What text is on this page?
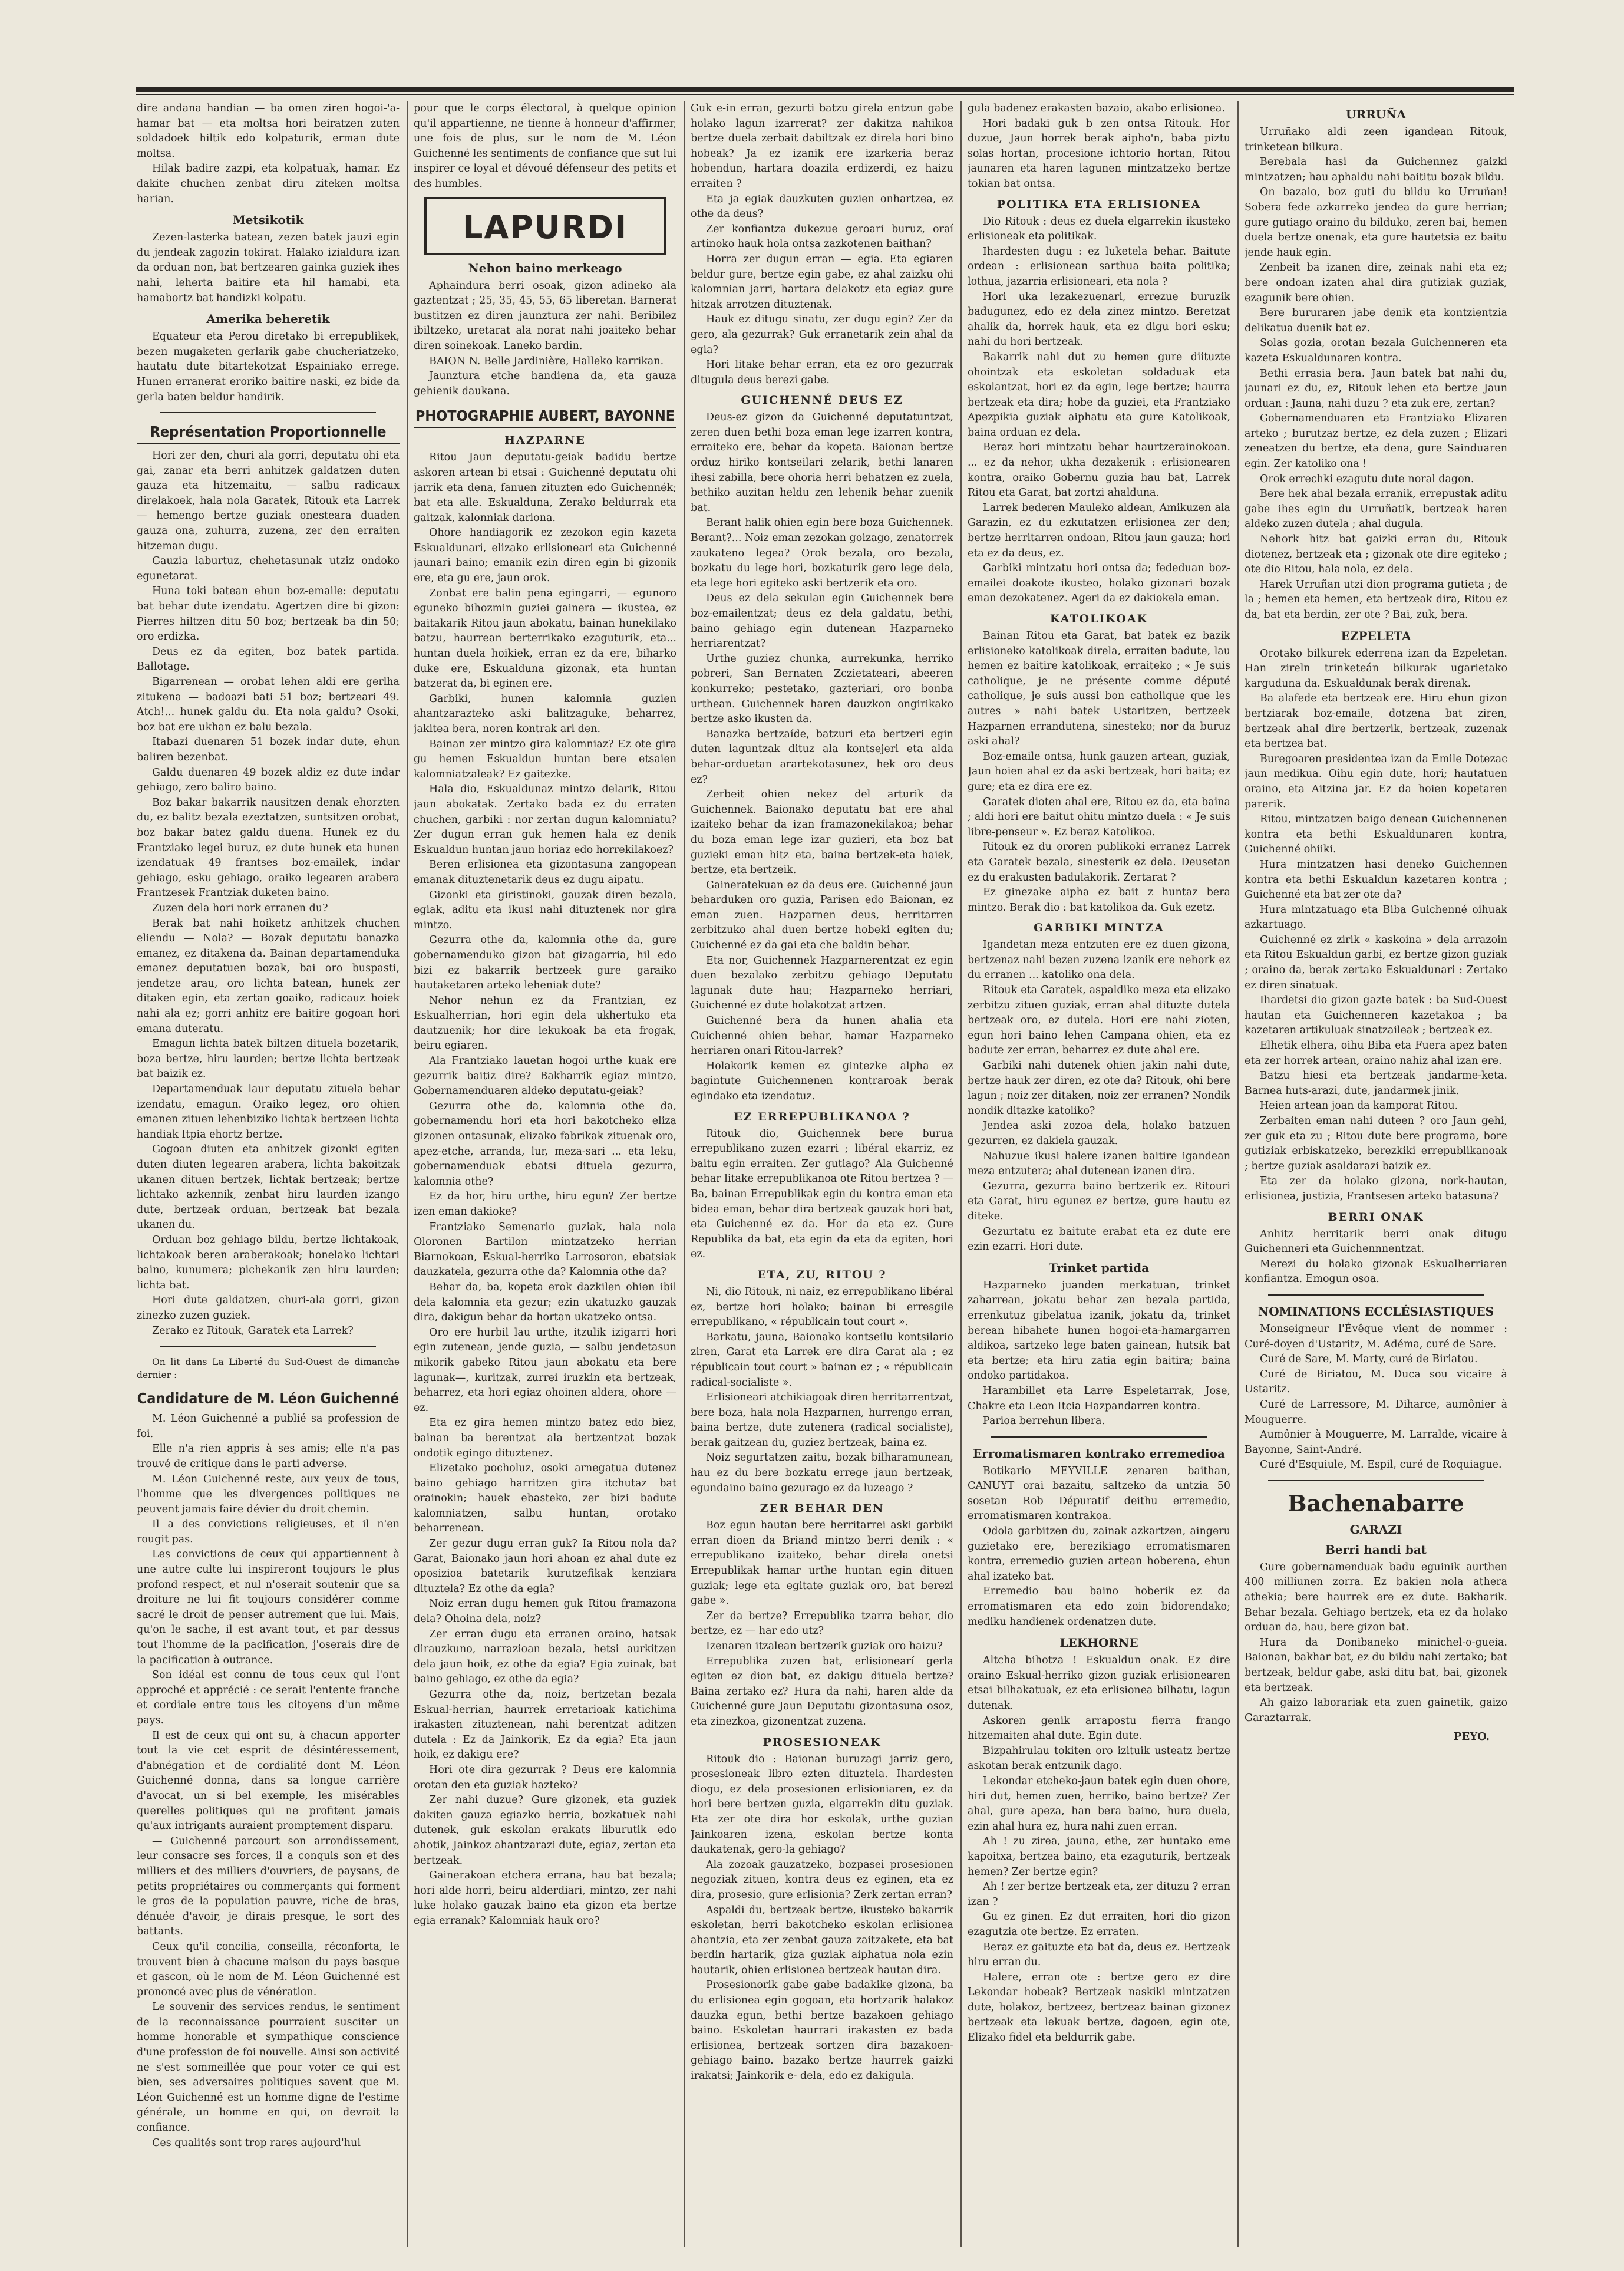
dire andana handian — ba omen ziren hogoi-'a-hamar bat — eta moltsa hori beiratzen zuten soldadoek hiltik edo kolpaturik, erman dute moltsa.

Hilak badire zazpi, eta kolpatuak, hamar. Ez dakite chuchen zenbat diru ziteken moltsa harian.

Metsikotik

Zezen-lasterka batean, zezen batek jauzi egin du jendeak zagozin tokirat. Halako izialdura izan da orduan non, bat bertzearen gainka guziek ihes nahi, leherta baitire eta hil hamabi, eta hamabortz bat handizki kolpatu.

Amerika beheretik

Equateur eta Perou diretako bi errepublikek, bezen mugaketen gerlarik gabe chucheriatzeko, hautatu dute bitartekotzat Espainiako errege. Hunen erranerat eroriko baitire naski, ez bide da gerla baten beldur handirik.

Représentation Proportionnelle

Hori zer den, churi ala gorri, deputatu ohi eta gai, zanar eta berri anhitzek galdatzen duten gauza eta hitzemaitu, — salbu radicaux direlakoek, hala nola Garatek, Ritouk eta Larrek — hemengo bertze guziak onesteara duaden gauza ona, zuhurra, zuzena, zer den erraiten hitzeman dugu.

Gauzia laburtuz, chehetasunak utziz ondoko egunetarat.

Huna toki batean ehun boz-emaile: deputatu bat behar dute izendatu. Agertzen dire bi gizon: Pierres hiltzen ditu 50 boz; bertzeak ba din 50; oro erdizka.

Deus ez da egiten, boz batek partida. Ballotage.

Bigarrenean — orobat lehen aldi ere gerlha zitukena — badoazi bati 51 boz; bertzeari 49. Atch!... hunek galdu du. Eta nola galdu? Osoki, boz bat ere ukhan ez balu bezala.

Itabazi duenaren 51 bozek indar dute, ehun baliren bezenbat.

Galdu duenaren 49 bozek aldiz ez dute indar gehiago, zero baliro baino.

Boz bakar bakarrik nausitzen denak ehorzten du, ez balitz bezala ezeztatzen, suntsitzen orobat, boz bakar batez galdu duena. Hunek ez du Frantziako legei buruz, ez dute hunek eta hunen izendatuak 49 frantses boz-emailek, indar gehiago, esku gehiago, oraiko legearen arabera Frantzesek Frantziak duketen baino.

Zuzen dela hori nork erranen du?

Berak bat nahi hoiketz anhitzek chuchen eliendu — Nola? — Bozak deputatu banazka emanez, ez ditakena da. Bainan departamenduka emanez deputatuen bozak, bai oro buspasti, jendetze arau, oro lichta batean, hunek zer ditaken egin, eta zertan goaiko, radicauz hoiek nahi ala ez; gorri anhitz ere baitire gogoan hori emana duteratu.

Emagun lichta batek biltzen dituela bozetarik, boza bertze, hiru laurden; bertze lichta bertzeak bat baizik ez.

Departamenduak laur deputatu zituela behar izendatu, emagun. Oraiko legez, oro ohien emanen zituen lehenbiziko lichtak bertzeen lichta handiak Itpia ehortz bertze.

Gogoan diuten eta anhitzek gizonki egiten duten diuten legearen arabera, lichta bakoitzak ukanen dituen bertzek, lichtak bertzeak; bertze lichtako azkennik, zenbat hiru laurden izango dute, bertzeak orduan, bertzeak bat bezala ukanen du.

Orduan boz gehiago bildu, bertze lichtakoak, lichtakoak beren araberakoak; honelako lichtari baino, kunumera; pichekanik zen hiru laurden; lichta bat.

Hori dute galdatzen, churi-ala gorri, gizon zinezko zuzen guziek.

Zerako ez Ritouk, Garatek eta Larrek?

On lit dans La Liberté du Sud-Ouest de dimanche dernier :

Candidature de M. Léon Guichenné

M. Léon Guichenné a publié sa profession de foi.

Elle n'a rien appris à ses amis; elle n'a pas trouvé de critique dans le parti adverse.

M. Léon Guichenné reste, aux yeux de tous, l'homme que les divergences politiques ne peuvent jamais faire dévier du droit chemin.

Il a des convictions religieuses, et il n'en rougit pas.

Les convictions de ceux qui appartiennent à une autre culte lui inspireront toujours le plus profond respect, et nul n'oserait soutenir que sa droiture ne lui fit toujours considérer comme sacré le droit de penser autrement que lui. Mais, qu'on le sache, il est avant tout, et par dessus tout l'homme de la pacification, j'oserais dire de la pacification à outrance.

Son idéal est connu de tous ceux qui l'ont approché et apprécié : ce serait l'entente franche et cordiale entre tous les citoyens d'un même pays.

Il est de ceux qui ont su, à chacun apporter tout la vie cet esprit de désintéressement, d'abnégation et de cordialité dont M. Léon Guichenné donna, dans sa longue carrière d'avocat, un si bel exemple, les misérables querelles politiques qui ne profitent jamais qu'aux intrigants auraient promptement disparu.

— Guichenné parcourt son arrondissement, leur consacre ses forces, il a conquis son et des milliers et des milliers d'ouvriers, de paysans, de petits propriétaires ou commerçants qui forment le gros de la population pauvre, riche de bras, dénuée d'avoir, je dirais presque, le sort des battants.

Ceux qu'il concilia, conseilla, réconforta, le trouvent bien à chacune maison du pays basque et gascon, où le nom de M. Léon Guichenné est prononcé avec plus de vénération.

Le souvenir des services rendus, le sentiment de la reconnaissance pourraient susciter un homme honorable et sympathique conscience d'une profession de foi nouvelle. Ainsi son activité ne s'est sommeillée que pour voter ce qui est bien, ses adversaires politiques savent que M. Léon Guichenné est un homme digne de l'estime générale, un homme en qui, on devrait la confiance.

Ces qualités sont trop rares aujourd'hui

pour que le corps électoral, à quelque opinion qu'il appartienne, ne tienne à honneur d'affirmer, une fois de plus, sur le nom de M. Léon Guichenné les sentiments de confiance que sut lui inspirer ce loyal et dévoué défenseur des petits et des humbles.

LAPURDI
Nehon baino merkeago

Aphaindura berri osoak, gizon adineko ala gaztentzat ; 25, 35, 45, 55, 65 liberetan. Barnerat bustitzen ez diren jaunztura zer nahi. Beribilez ibiltzeko, uretarat ala norat nahi joaiteko behar diren soinekoak. Laneko bardin.

BAION N. Belle Jardinière, Halleko karrikan.

Jaunztura etche handiena da, eta gauza gehienik daukana.

PHOTOGRAPHIE AUBERT, BAYONNE
HAZPARNE

Ritou Jaun deputatu-geiak badidu bertze askoren artean bi etsai : Guichenné deputatu ohi jarrik eta dena, fanuen zituzten edo Guichennék; bat eta alle. Eskualduna, Zerako beldurrak eta gaitzak, kalonniak dariona.

Ohore handiagorik ez zezokon egin kazeta Eskualdunari, elizako erlisioneari eta Guichenné jaunari baino; emanik ezin diren egin bi gizonik ere, eta gu ere, jaun orok.

Zonbat ere balin pena egingarri, — egunoro eguneko bihozmin guziei gainera — ikustea, ez baitakarik Ritou jaun abokatu, bainan hunekilako batzu, haurrean berterrikako ezaguturik, eta... huntan duela hoikiek, erran ez da ere, biharko duke ere, Eskualduna gizonak, eta huntan batzerat da, bi eginen ere.

Garbiki, hunen kalomnia guzien ahantzarazteko aski balitzaguke, beharrez, jakitea bera, noren kontrak ari den.

Bainan zer mintzo gira kalomniaz? Ez ote gira gu hemen Eskualdun huntan bere etsaien kalomniatzaleak? Ez gaitezke.

Hala dio, Eskualdunaz mintzo delarik, Ritou jaun abokatak. Zertako bada ez du erraten chuchen, garbiki : nor zertan dugun kalomniatu? Zer dugun erran guk hemen hala ez denik Eskualdun huntan jaun horiaz edo horrekilakoez?

Beren erlisionea eta gizontasuna zangopean emanak dituztenetarik deus ez dugu aipatu.

Gizonki eta giristinoki, gauzak diren bezala, egiak, aditu eta ikusi nahi dituztenek nor gira mintzo.

Gezurra othe da, kalomnia othe da, gure gobernamenduko gizon bat gizagarria, hil edo bizi ez bakarrik bertzeek gure garaiko hautaketaren arteko leheniak dute?

Nehor nehun ez da Frantzian, ez Eskualherrian, hori egin dela ukhertuko eta dautzuenik; hor dire lekukoak ba eta frogak, beiru egiaren.

Ala Frantziako lauetan hogoi urthe kuak ere gezurrik baitiz dire? Bakharrik egiaz mintzo, Gobernamenduaren aldeko deputatu-geiak?

Gezurra othe da, kalomnia othe da, gobernamendu hori eta hori bakotcheko eliza gizonen ontasunak, elizako fabrikak zituenak oro, apez-etche, arranda, lur, meza-sari ... eta leku, gobernamenduak ebatsi dituela gezurra, kalomnia othe?

Ez da hor, hiru urthe, hiru egun? Zer bertze izen eman dakioke?

Frantziako Semenario guziak, hala nola Oloronen Bartilon mintzatzeko herrian Biarnokoan, Eskual-herriko Larrosoron, ebatsiak dauzkatela, gezurra othe da? Kalomnia othe da?

Behar da, ba, kopeta erok dazkilen ohien ibil dela kalomnia eta gezur; ezin ukatuzko gauzak dira, dakigun behar da hortan ukatzeko ontsa.

Oro ere hurbil lau urthe, itzulik izigarri hori egin zutenean, jende guzia, — salbu jendetasun mikorik gabeko Ritou jaun abokatu eta bere lagunak—, kuritzak, zurrei iruzkin eta bertzeak, beharrez, eta hori egiaz ohoinen aldera, ohore — ez.

Eta ez gira hemen mintzo batez edo biez, bainan ba berentzat ala bertzentzat bozak ondotik egingo dituztenez.

Elizetako pocholuz, osoki arnegatua dutenez baino gehiago harritzen gira itchutaz bat orainokin; hauek ebasteko, zer bizi badute kalomniatzen, salbu huntan, orotako beharrenean.

Zer gezur dugu erran guk? Ia Ritou nola da? Garat, Baionako jaun hori ahoan ez ahal dute ez oposizioa batetarik kurutzefikak kenziara dituztela? Ez othe da egia?

Noiz erran dugu hemen guk Ritou framazona dela? Ohoina dela, noiz?

Zer erran dugu eta erranen oraino, hatsak dirauzkuno, narrazioan bezala, hetsi aurkitzen dela jaun hoik, ez othe da egia? Egia zuinak, bat baino gehiago, ez othe da egia?

Gezurra othe da, noiz, bertzetan bezala Eskual-herrian, haurrek erretarioak katichima irakasten zituztenean, nahi berentzat aditzen dutela : Ez da Jainkorik, Ez da egia? Eta jaun hoik, ez dakigu ere?

Hori ote dira gezurrak ? Deus ere kalomnia orotan den eta guziak hazteko?

Zer nahi duzue? Gure gizonek, eta guziek dakiten gauza egiazko berria, bozkatuek nahi dutenek, guk eskolan erakats liburutik edo ahotik, Jainkoz ahantzarazi dute, egiaz, zertan eta bertzeak.

Gainerakoan etchera errana, hau bat bezala; hori alde horri, beiru alderdiari, mintzo, zer nahi luke holako gauzak baino eta gizon eta bertze egia erranak? Kalomniak hauk oro?

Guk e-in erran, gezurti batzu girela entzun gabe holako lagun izarrerat? zer dakitza nahikoa bertze duela zerbait dabiltzak ez direla hori bino hobeak? Ja ez izanik ere izarkeria beraz hobendun, hartara doazila erdizerdi, ez haizu erraiten ?

Eta ja egiak dauzkuten guzien onhartzea, ez othe da deus?

Zer konfiantza dukezue geroari buruz, oraí artinoko hauk hola ontsa zazkotenen baithan?

Horra zer dugun erran — egia. Eta egiaren beldur gure, bertze egin gabe, ez ahal zaizku ohi kalomnian jarri, hartara delakotz eta egiaz gure hitzak arrotzen dituztenak.

Hauk ez ditugu sinatu, zer dugu egin? Zer da gero, ala gezurrak? Guk erranetarik zein ahal da egia?

Hori litake behar erran, eta ez oro gezurrak ditugula deus berezi gabe.

GUICHENNÉ DEUS EZ

Deus-ez gizon da Guichenné deputatuntzat, zeren duen bethi boza eman lege izarren kontra, erraiteko ere, behar da kopeta. Baionan bertze orduz hiriko kontseilari zelarik, bethi lanaren ihesi zabilla, bere ohoria herri behatzen ez zuela, bethiko auzitan heldu zen lehenik behar zuenik bat.

Berant halik ohien egin bere boza Guichennek. Berant?... Noiz eman zezokan goizago, zenatorrek zaukateno legea? Orok bezala, oro bezala, bozkatu du lege hori, bozkaturik gero lege dela, eta lege hori egiteko aski bertzerik eta oro.

Deus ez dela sekulan egin Guichennek bere boz-emailentzat; deus ez dela galdatu, bethi, baino gehiago egin dutenean Hazparneko herriarentzat?

Urthe guziez chunka, aurrekunka, herriko pobreri, San Bernaten Zczietateari, abeeren konkurreko; pestetako, gazteriari, oro bonba urthean. Guichennek haren dauzkon ongirikako bertze asko ikusten da.

Banazka bertzaíde, batzuri eta bertzeri egin duten laguntzak dituz ala kontsejeri eta alda behar-orduetan arartekotasunez, hek oro deus ez?

Zerbeit ohien nekez del arturik da Guichennek. Baionako deputatu bat ere ahal izaiteko behar da izan framazonekilakoa; behar du boza eman lege izar guzieri, eta boz bat guzieki eman hitz eta, baina bertzek-eta haiek, bertze, eta bertzeik.

Gaineratekuan ez da deus ere. Guichenné jaun beharduken oro guzia, Parisen edo Baionan, ez eman zuen. Hazparnen deus, herritarren zerbitzuko ahal duen bertze hobeki egiten du; Guichenné ez da gai eta che baldin behar.

Eta nor, Guichennek Hazparnerentzat ez egin duen bezalako zerbitzu gehiago Deputatu lagunak dute hau; Hazparneko herriari, Guichenné ez dute holakotzat artzen.

Guichenné bera da hunen ahalia eta Guichenné ohien behar, hamar Hazparneko herriaren onari Ritou-larrek?

Holakorik kemen ez gintezke alpha ez bagintute Guichennenen kontraroak berak egindako eta izendatuz.

EZ ERREPUBLIKANOA ?

Ritouk dio, Guichennek bere burua errepublikano zuzen ezarri ; libéral ekarriz, ez baitu egin erraiten. Zer gutiago? Ala Guichenné behar litake errepublikanoa ote Ritou bertzea ? — Ba, bainan Errepublikak egin du kontra eman eta bidea eman, behar dira bertzeak gauzak hori bat, eta Guichenné ez da. Hor da eta ez. Gure Republika da bat, eta egin da eta da egiten, hori ez.

ETA, ZU, RITOU ?

Ni, dio Ritouk, ni naiz, ez errepublikano libéral ez, bertze hori holako; bainan bi erresgile errepublikano, « républicain tout court ».

Barkatu, jauna, Baionako kontseilu kontsilario ziren, Garat eta Larrek ere dira Garat ala ; ez républicain tout court » bainan ez ; « républicain radical-socialiste ».

Erlisioneari atchikiagoak diren herritarrentzat, bere boza, hala nola Hazparnen, hurrengo erran, baina bertze, dute zutenera (radical socialiste), berak gaitzean du, guziez bertzeak, baina ez.

Noiz segurtatzen zaitu, bozak bilharamunean, hau ez du bere bozkatu errege jaun bertzeak, egundaino baino gezurago ez da luzeago ?

ZER BEHAR DEN

Boz egun hautan bere herritarrei aski garbiki erran dioen da Briand mintzo berri denik : « errepublikano izaiteko, behar direla onetsi Errepublikak hamar urthe huntan egin dituen guziak; lege eta egitate guziak oro, bat berezi gabe ».

Zer da bertze? Errepublika tzarra behar, dio bertze, ez — har edo utz?

Izenaren itzalean bertzerik guziak oro haizu?

Errepublika zuzen bat, erlisionearí gerla egiten ez dion bat, ez dakigu dituela bertze? Baina zertako ez? Hura da nahi, haren alde da Guichenné gure Jaun Deputatu gizontasuna osoz, eta zinezkoa, gizonentzat zuzena.

PROSESIONEAK

Ritouk dio : Baionan buruzagi jarriz gero, prosesioneak libro ezten dituztela. Ihardesten diogu, ez dela prosesionen erlisioniaren, ez da hori bere bertzen guzia, elgarrekin ditu guziak. Eta zer ote dira hor eskolak, urthe guzian Jainkoaren izena, eskolan bertze konta daukatenak, gero-la gehiago?

Ala zozoak gauzatzeko, bozpasei prosesionen negoziak zituen, kontra deus ez eginen, eta ez dira, prosesio, gure erlisionia? Zerk zertan erran?

Aspaldi du, bertzeak bertze, ikusteko bakarrik eskoletan, herri bakotcheko eskolan erlisionea ahantzia, eta zer zenbat gauza zaitzakete, eta bat berdin hartarik, giza guziak aiphatua nola ezin hautarik, ohien erlisionea bertzeak hautan dira.

Prosesionorik gabe gabe badakike gizona, ba du erlisionea egin gogoan, eta hortzarik halakoz dauzka egun, bethi bertze bazakoen gehiago baino. Eskoletan haurrari irakasten ez bada erlisionea, bertzeak sortzen dira bazakoen-gehiago baino. bazako bertze haurrek gaizki irakatsi; Jainkorik e- dela, edo ez dakigula.

gula badenez erakasten bazaio, akabo erlisionea.

Hori badaki guk b zen ontsa Ritouk. Hor duzue, Jaun horrek berak aipho'n, baba piztu solas hortan, procesione ichtorio hortan, Ritou jaunaren eta haren lagunen mintzatzeko bertze tokian bat ontsa.

POLITIKA ETA ERLISIONEA

Dio Ritouk : deus ez duela elgarrekin ikusteko erlisioneak eta politikak.

Ihardesten dugu : ez luketela behar. Baitute ordean : erlisionean sarthua baita politika; lothua, jazarria erlisioneari, eta nola ?

Hori uka lezakezuenari, errezue buruzik badugunez, edo ez dela zinez mintzo. Beretzat ahalik da, horrek hauk, eta ez digu hori esku; nahi du hori bertzeak.

Bakarrik nahi dut zu hemen gure diituzte ohointzak eta eskoletan soldaduak eta eskolantzat, hori ez da egin, lege bertze; haurra bertzeak eta dira; hobe da guziei, eta Frantziako Apezpikia guziak aiphatu eta gure Katolikoak, baina orduan ez dela.

Beraz hori mintzatu behar haurtzerainokoan. ... ez da nehor, ukha dezakenik : erlisionearen kontra, oraiko Gobernu guzia hau bat, Larrek Ritou eta Garat, bat zortzi ahalduna.

Larrek bederen Mauleko aldean, Amikuzen ala Garazin, ez du ezkutatzen erlisionea zer den; bertze herritarren ondoan, Ritou jaun gauza; hori eta ez da deus, ez.

Garbiki mintzatu hori ontsa da; fededuan boz-emailei doakote ikusteo, holako gizonari bozak eman dezokatenez. Ageri da ez dakiokela eman.

KATOLIKOAK

Bainan Ritou eta Garat, bat batek ez bazik erlisioneko katolikoak direla, erraiten badute, lau hemen ez baitire katolikoak, erraiteko ; « Je suis catholique, je ne présente comme député catholique, je suis aussi bon catholique que les autres » nahi batek Ustaritzen, bertzeek Hazparnen errandutena, sinesteko; nor da buruz aski ahal?

Boz-emaile ontsa, hunk gauzen artean, guziak, Jaun hoien ahal ez da aski bertzeak, hori baita; ez gure; eta ez dira ere ez.

Garatek dioten ahal ere, Ritou ez da, eta baina ; aldi hori ere baitut ohitu mintzo duela : « Je suis libre-penseur ». Ez beraz Katolikoa.

Ritouk ez du ororen publikoki erranez Larrek eta Garatek bezala, sinesterik ez dela. Deusetan ez du erakusten badulakorik. Zertarat ?

Ez ginezake aipha ez bait z huntaz bera mintzo. Berak dio : bat katolikoa da. Guk ezetz.

GARBIKI MINTZA

Igandetan meza entzuten ere ez duen gizona, bertzenaz nahi bezen zuzena izanik ere nehork ez du erranen ... katoliko ona dela.

Ritouk eta Garatek, aspaldiko meza eta elizako zerbitzu zituen guziak, erran ahal dituzte dutela bertzeak oro, ez dutela. Hori ere nahi zioten, egun hori baino lehen Campana ohien, eta ez badute zer erran, beharrez ez dute ahal ere.

Garbiki nahi dutenek ohien jakin nahi dute, bertze hauk zer diren, ez ote da? Ritouk, ohi bere lagun ; noiz zer ditaken, noiz zer erranen? Nondik nondik ditazke katoliko?

Jendea aski zozoa dela, holako batzuen gezurren, ez dakiela gauzak.

Nahuzue ikusi halere izanen baitire igandean meza entzutera; ahal dutenean izanen dira.

Gezurra, gezurra baino bertzerik ez. Ritouri eta Garat, hiru egunez ez bertze, gure hautu ez diteke.

Gezurtatu ez baitute erabat eta ez dute ere ezin ezarri. Hori dute.

Trinket partida

Hazparneko juanden merkatuan, trinket zaharrean, jokatu behar zen bezala partida, errenkutuz gibelatua izanik, jokatu da, trinket berean hibahete hunen hogoi-eta-hamargarren aldikoa, sartzeko lege baten gainean, hutsik bat eta bertze; eta hiru zatia egin baitira; baina ondoko partidakoa.

Harambillet eta Larre Espeletarrak, Jose, Chakre eta Leon Itcia Hazpandarren kontra.

Parioa berrehun libera.

Erromatismaren kontrako erremedioa

Botikario MEYVILLE zenaren baithan, CANUYT orai bazaitu, saltzeko da untzia 50 sosetan Rob Dépuratif deithu erremedio, erromatismaren kontrakoa.

Odola garbitzen du, zainak azkartzen, aingeru guzietako ere, berezikiago erromatismaren kontra, erremedio guzien artean hoberena, ehun ahal izateko bat.

Erremedio bau baino hoberik ez da erromatismaren eta edo zoin bidorendako; mediku handienek ordenatzen dute.

LEKHORNE

Altcha bihotza ! Eskualdun onak. Ez dire oraino Eskual-herriko gizon guziak erlisionearen etsai bilhakatuak, ez eta erlisionea bilhatu, lagun dutenak.

Askoren genik arrapostu fierra frango hitzemaiten ahal dute. Egin dute.

Bizpahirulau tokiten oro izituik usteatz bertze askotan berak entzunik dago.

Lekondar etcheko-jaun batek egin duen ohore, hiri dut, hemen zuen, herriko, baino bertze? Zer ahal, gure apeza, han bera baino, hura duela, ezin ahal hura ez, hura nahi zuen erran.

Ah ! zu zirea, jauna, ethe, zer huntako eme kapoitxa, bertzea baino, eta ezaguturik, bertzeak hemen? Zer bertze egin?

Ah ! zer bertze bertzeak eta, zer dituzu ? erran izan ?

Gu ez ginen. Ez dut erraiten, hori dio gizon ezagutzia ote bertze. Ez erraten.

Beraz ez gaituzte eta bat da, deus ez. Bertzeak hiru erran du.

Halere, erran ote : bertze gero ez dire Lekondar hobeak? Bertzeak naskiki mintzatzen dute, holakoz, bertzeez, bertzeaz bainan gizonez bertzeak eta lekuak bertze, dagoen, egin ote, Elizako fidel eta beldurrik gabe.

URRUÑA

Urruñako aldi zeen igandean Ritouk, trinketean bilkura.

Berebala hasi da Guichennez gaizki mintzatzen; hau aphaldu nahi baititu bozak bildu.

On bazaio, boz guti du bildu ko Urruñan! Sobera fede azkarreko jendea da gure herrian; gure gutiago oraino du bilduko, zeren bai, hemen duela bertze onenak, eta gure hautetsia ez baitu jende hauk egin.

Zenbeit ba izanen dire, zeinak nahi eta ez; bere ondoan izaten ahal dira gutiziak guziak, ezagunik bere ohien.

Bere bururaren jabe denik eta kontzientzia delikatua duenik bat ez.

Solas gozia, orotan bezala Guichenneren eta kazeta Eskualdunaren kontra.

Bethi errasia bera. Jaun batek bat nahi du, jaunari ez du, ez, Ritouk lehen eta bertze Jaun orduan : Jauna, nahi duzu ? eta zuk ere, zertan?

Gobernamenduaren eta Frantziako Elizaren arteko ; burutzaz bertze, ez dela zuzen ; Elizari zeneatzen du bertze, eta dena, gure Sainduaren egin. Zer katoliko ona !

Orok errechki ezagutu dute noral dagon.

Bere hek ahal bezala erranik, errepustak aditu gabe ihes egin du Urruñatik, bertzeak haren aldeko zuzen dutela ; ahal dugula.

Nehork hitz bat gaizki erran du, Ritouk diotenez, bertzeak eta ; gizonak ote dire egiteko ; ote dio Ritou, hala nola, ez dela.

Harek Urruñan utzi dion programa gutieta ; de la ; hemen eta hemen, eta bertzeak dira, Ritou ez da, bat eta berdin, zer ote ? Bai, zuk, bera.

EZPELETA

Orotako bilkurek ederrena izan da Ezpeletan. Han zireln trinketeán bilkurak ugarietako karguduna da. Eskualdunak berak direnak.

Ba alafede eta bertzeak ere. Hiru ehun gizon bertziarak boz-emaile, dotzena bat ziren, bertzeak ahal dire bertzerik, bertzeak, zuzenak eta bertzea bat.

Buregoaren presidentea izan da Emile Dotezac jaun medikua. Oihu egin dute, hori; hautatuen oraino, eta Aitzina jar. Ez da hoien kopetaren parerik.

Ritou, mintzatzen baigo denean Guichennenen kontra eta bethi Eskualdunaren kontra, Guichenné ohiiki.

Hura mintzatzen hasi deneko Guichennen kontra eta bethi Eskualdun kazetaren kontra ; Guichenné eta bat zer ote da?

Hura mintzatuago eta Biba Guichenné oihuak azkartuago.

Guichenné ez zirik « kaskoina » dela arrazoin eta Ritou Eskualdun garbi, ez bertze gizon guziak ; oraino da, berak zertako Eskualdunari : Zertako ez diren sinatuak.

Ihardetsi dio gizon gazte batek : ba Sud-Ouest hautan eta Guichenneren kazetakoa ; ba kazetaren artikuluak sinatzaileak ; bertzeak ez.

Elhetik elhera, oihu Biba eta Fuera apez baten eta zer horrek artean, oraino nahiz ahal izan ere.

Batzu hiesi eta bertzeak jandarme-keta. Barnea huts-arazi, dute, jandarmek jinik.

Heien artean joan da kamporat Ritou.

Zerbaiten eman nahi duteen ? oro Jaun gehi, zer guk eta zu ; Ritou dute bere programa, bore gutiziak erbiskatzeko, berezkiki errepublikanoak ; bertze guziak asaldarazi baizik ez.

Eta zer da holako gizona, nork-hautan, erlisionea, justizia, Frantsesen arteko batasuna?

BERRI ONAK

Anhitz herritarik berri onak ditugu Guichenneri eta Guichennnentzat.

Merezi du holako gizonak Eskualherriaren konfiantza. Emogun osoa.

NOMINATIONS ECCLÉSIASTIQUES

Monseigneur l'Évêque vient de nommer : Curé-doyen d'Ustaritz, M. Adéma, curé de Sare.

Curé de Sare, M. Marty, curé de Biriatou.

Curé de Biriatou, M. Duca sou vicaire à Ustaritz.

Curé de Larressore, M. Diharce, aumônier à Mouguerre.

Aumônier à Mouguerre, M. Larralde, vicaire à Bayonne, Saint-André.

Curé d'Esquiule, M. Espil, curé de Roquiague.

Bachenabarre
GARAZI
Berri handi bat

Gure gobernamenduak badu eguinik aurthen 400 milliunen zorra. Ez bakien nola athera athekia; bere haurrek ere ez dute. Bakharik. Behar bezala. Gehiago bertzek, eta ez da holako orduan da, hau, bere gizon bat.

Hura da Donibaneko minichel-o-gueia. Baionan, bakhar bat, ez du bildu nahi zertako; bat bertzeak, beldur gabe, aski ditu bat, bai, gizonek eta bertzeak.

Ah gaizo laborariak eta zuen gainetik, gaizo Garaztarrak.

PEYO.
